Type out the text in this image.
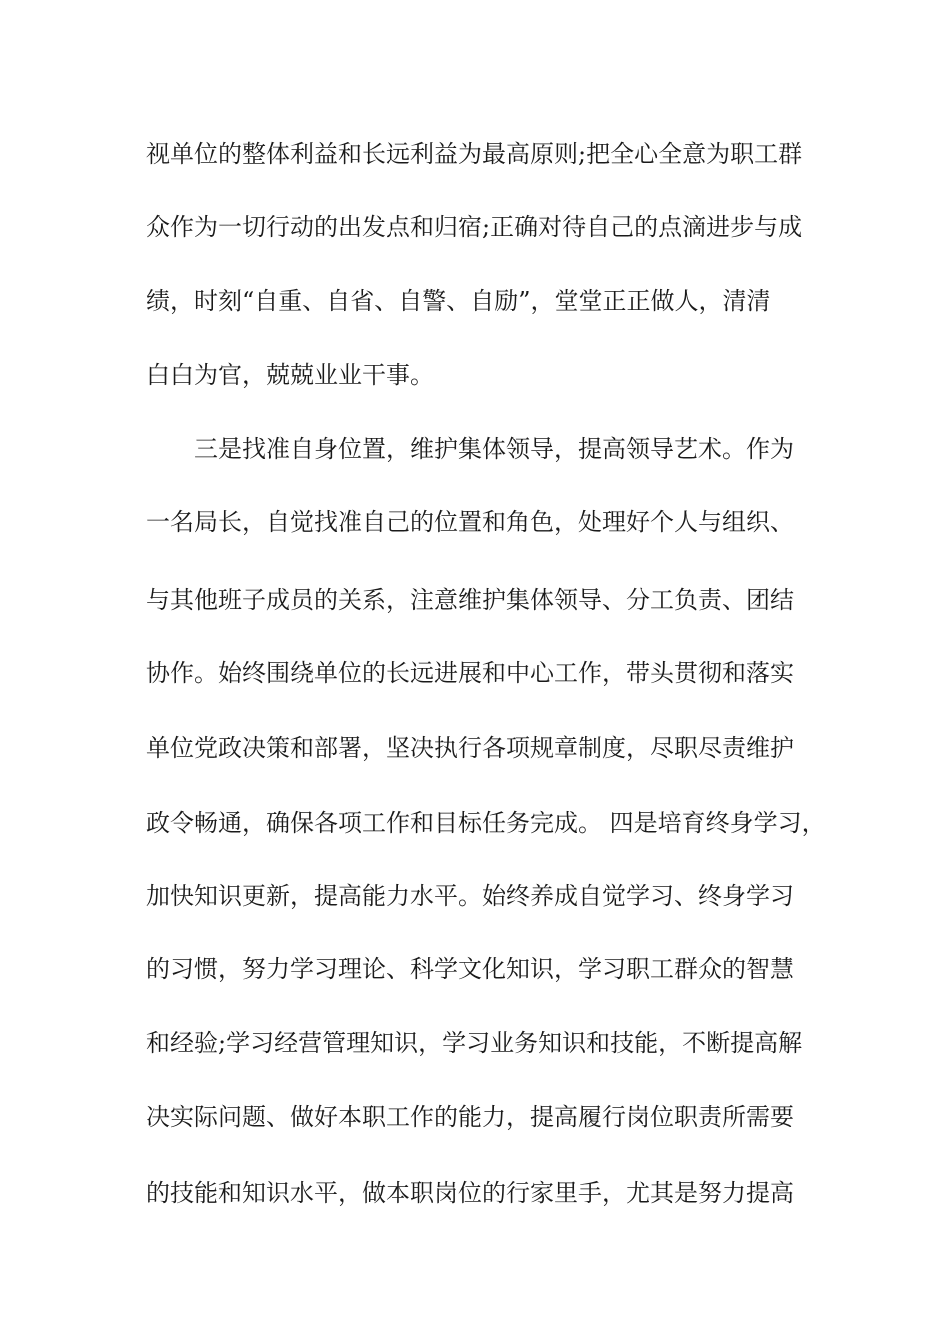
视单位的整体利益和长远利益为最高原则;把全心全意为职工群
众作为一切行动的出发点和归宿;正确对待自己的点滴进步与成
绩，时刻“自重、自省、自警、自励”，堂堂正正做人，清清
白白为官，兢兢业业干事。
三是找准自身位置，维护集体领导，提高领导艺术。作为
一名局长，自觉找准自己的位置和角色，处理好个人与组织、
与其他班子成员的关系，注意维护集体领导、分工负责、团结
协作。始终围绕单位的长远进展和中心工作，带头贯彻和落实
单位党政决策和部署，坚决执行各项规章制度，尽职尽责维护
政令畅通，确保各项工作和目标任务完成。 四是培育终身学习，
加快知识更新，提高能力水平。始终养成自觉学习、终身学习
的习惯，努力学习理论、科学文化知识，学习职工群众的智慧
和经验;学习经营管理知识，学习业务知识和技能，不断提高解
决实际问题、做好本职工作的能力，提高履行岗位职责所需要
的技能和知识水平，做本职岗位的行家里手，尤其是努力提高
